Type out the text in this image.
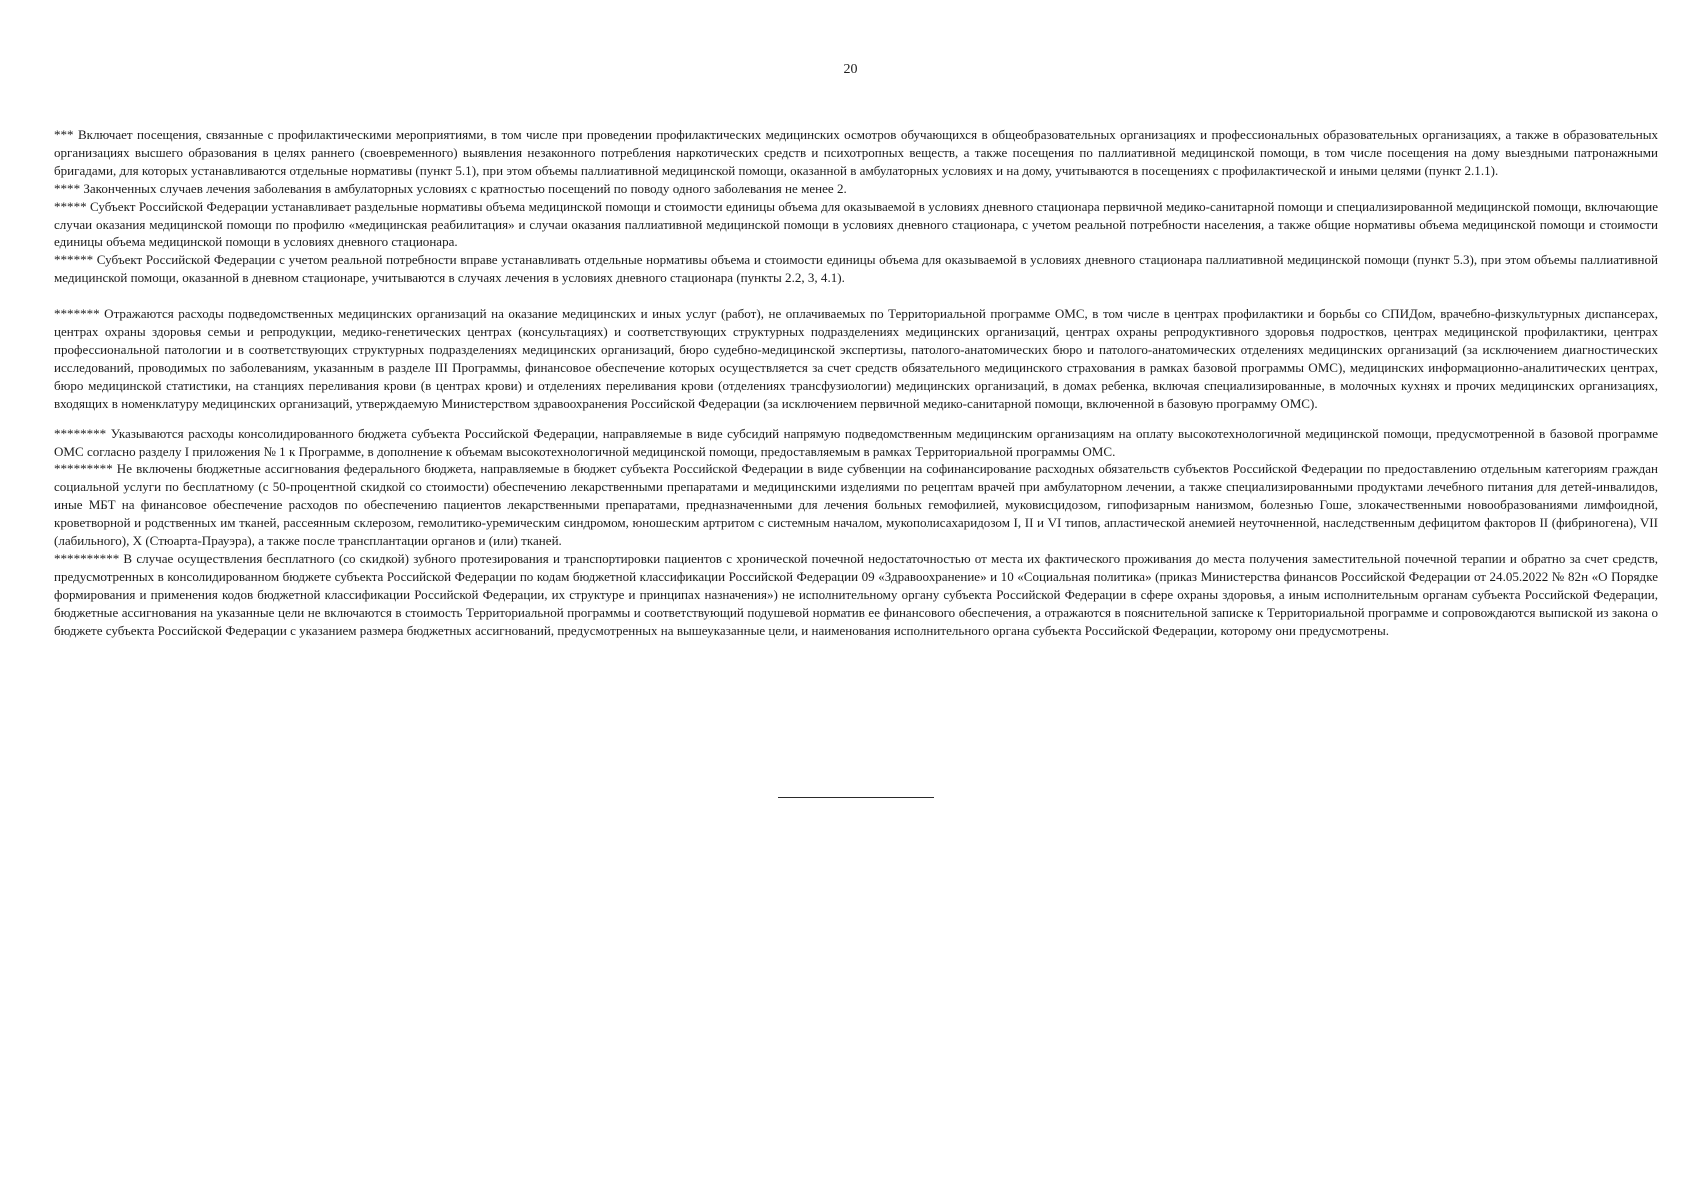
20

*** Включает посещения, связанные с профилактическими мероприятиями, в том числе при проведении профилактических медицинских осмотров обучающихся в общеобразовательных организациях и профессиональных образовательных организациях, а также в образовательных организациях высшего образования в целях раннего (своевременного) выявления незаконного потребления наркотических средств и психотропных веществ, а также посещения по паллиативной медицинской помощи, в том числе посещения на дому выездными патронажными бригадами, для которых устанавливаются отдельные нормативы (пункт 5.1), при этом объемы паллиативной медицинской помощи, оказанной в амбулаторных условиях и на дому, учитываются в посещениях с профилактической и иными целями (пункт 2.1.1).

**** Законченных случаев лечения заболевания в амбулаторных условиях с кратностью посещений по поводу одного заболевания не менее 2.

***** Субъект Российской Федерации устанавливает раздельные нормативы объема медицинской помощи и стоимости единицы объема для оказываемой в условиях дневного стационара первичной медико-санитарной помощи и специализированной медицинской помощи, включающие случаи оказания медицинской помощи по профилю «медицинская реабилитация» и случаи оказания паллиативной медицинской помощи в условиях дневного стационара, с учетом реальной потребности населения, а также общие нормативы объема медицинской помощи и стоимости единицы объема медицинской помощи в условиях дневного стационара.

****** Субъект Российской Федерации с учетом реальной потребности вправе устанавливать отдельные нормативы объема и стоимости единицы объема для оказываемой в условиях дневного стационара паллиативной медицинской помощи (пункт 5.3), при этом объемы паллиативной медицинской помощи, оказанной в дневном стационаре, учитываются в случаях лечения в условиях дневного стационара (пункты 2.2, 3, 4.1).

******* Отражаются расходы подведомственных медицинских организаций на оказание медицинских и иных услуг (работ), не оплачиваемых по Территориальной программе ОМС, в том числе в центрах профилактики и борьбы со СПИДом, врачебно-физкультурных диспансерах, центрах охраны здоровья семьи и репродукции, медико-генетических центрах (консультациях) и соответствующих структурных подразделениях медицинских организаций, центрах охраны репродуктивного здоровья подростков, центрах медицинской профилактики, центрах профессиональной патологии и в соответствующих структурных подразделениях медицинских организаций, бюро судебно-медицинской экспертизы, патолого-анатомических бюро и патолого-анатомических отделениях медицинских организаций (за исключением диагностических исследований, проводимых по заболеваниям, указанным в разделе III Программы, финансовое обеспечение которых осуществляется за счет средств обязательного медицинского страхования в рамках базовой программы ОМС), медицинских информационно-аналитических центрах, бюро медицинской статистики, на станциях переливания крови (в центрах крови) и отделениях переливания крови (отделениях трансфузиологии) медицинских организаций, в домах ребенка, включая специализированные, в молочных кухнях и прочих медицинских организациях, входящих в номенклатуру медицинских организаций, утверждаемую Министерством здравоохранения Российской Федерации (за исключением первичной медико-санитарной помощи, включенной в базовую программу ОМС).

******** Указываются расходы консолидированного бюджета субъекта Российской Федерации, направляемые в виде субсидий напрямую подведомственным медицинским организациям на оплату высокотехнологичной медицинской помощи, предусмотренной в базовой программе ОМС согласно разделу I приложения № 1 к Программе, в дополнение к объемам высокотехнологичной медицинской помощи, предоставляемым в рамках Территориальной программы ОМС.

********* Не включены бюджетные ассигнования федерального бюджета, направляемые в бюджет субъекта Российской Федерации в виде субвенции на софинансирование расходных обязательств субъектов Российской Федерации по предоставлению отдельным категориям граждан социальной услуги по бесплатному (с 50-процентной скидкой со стоимости) обеспечению лекарственными препаратами и медицинскими изделиями по рецептам врачей при амбулаторном лечении, а также специализированными продуктами лечебного питания для детей-инвалидов, иные МБТ на финансовое обеспечение расходов по обеспечению пациентов лекарственными препаратами, предназначенными для лечения больных гемофилией, муковисцидозом, гипофизарным нанизмом, болезнью Гоше, злокачественными новообразованиями лимфоидной, кроветворной и родственных им тканей, рассеянным склерозом, гемолитико-уремическим синдромом, юношеским артритом с системным началом, мукополисахаридозом I, II и VI типов, апластической анемией неуточненной, наследственным дефицитом факторов II (фибриногена), VII (лабильного), X (Стюарта-Прауэра), а также после трансплантации органов и (или) тканей.

********** В случае осуществления бесплатного (со скидкой) зубного протезирования и транспортировки пациентов с хронической почечной недостаточностью от места их фактического проживания до места получения заместительной почечной терапии и обратно за счет средств, предусмотренных в консолидированном бюджете субъекта Российской Федерации по кодам бюджетной классификации Российской Федерации 09 «Здравоохранение» и 10 «Социальная политика» (приказ Министерства финансов Российской Федерации от 24.05.2022 № 82н «О Порядке формирования и применения кодов бюджетной классификации Российской Федерации, их структуре и принципах назначения») не исполнительному органу субъекта Российской Федерации в сфере охраны здоровья, а иным исполнительным органам субъекта Российской Федерации, бюджетные ассигнования на указанные цели не включаются в стоимость Территориальной программы и соответствующий подушевой норматив ее финансового обеспечения, а отражаются в пояснительной записке к Территориальной программе и сопровождаются выпиской из закона о бюджете субъекта Российской Федерации с указанием размера бюджетных ассигнований, предусмотренных на вышеуказанные цели, и наименования исполнительного органа субъекта Российской Федерации, которому они предусмотрены.
